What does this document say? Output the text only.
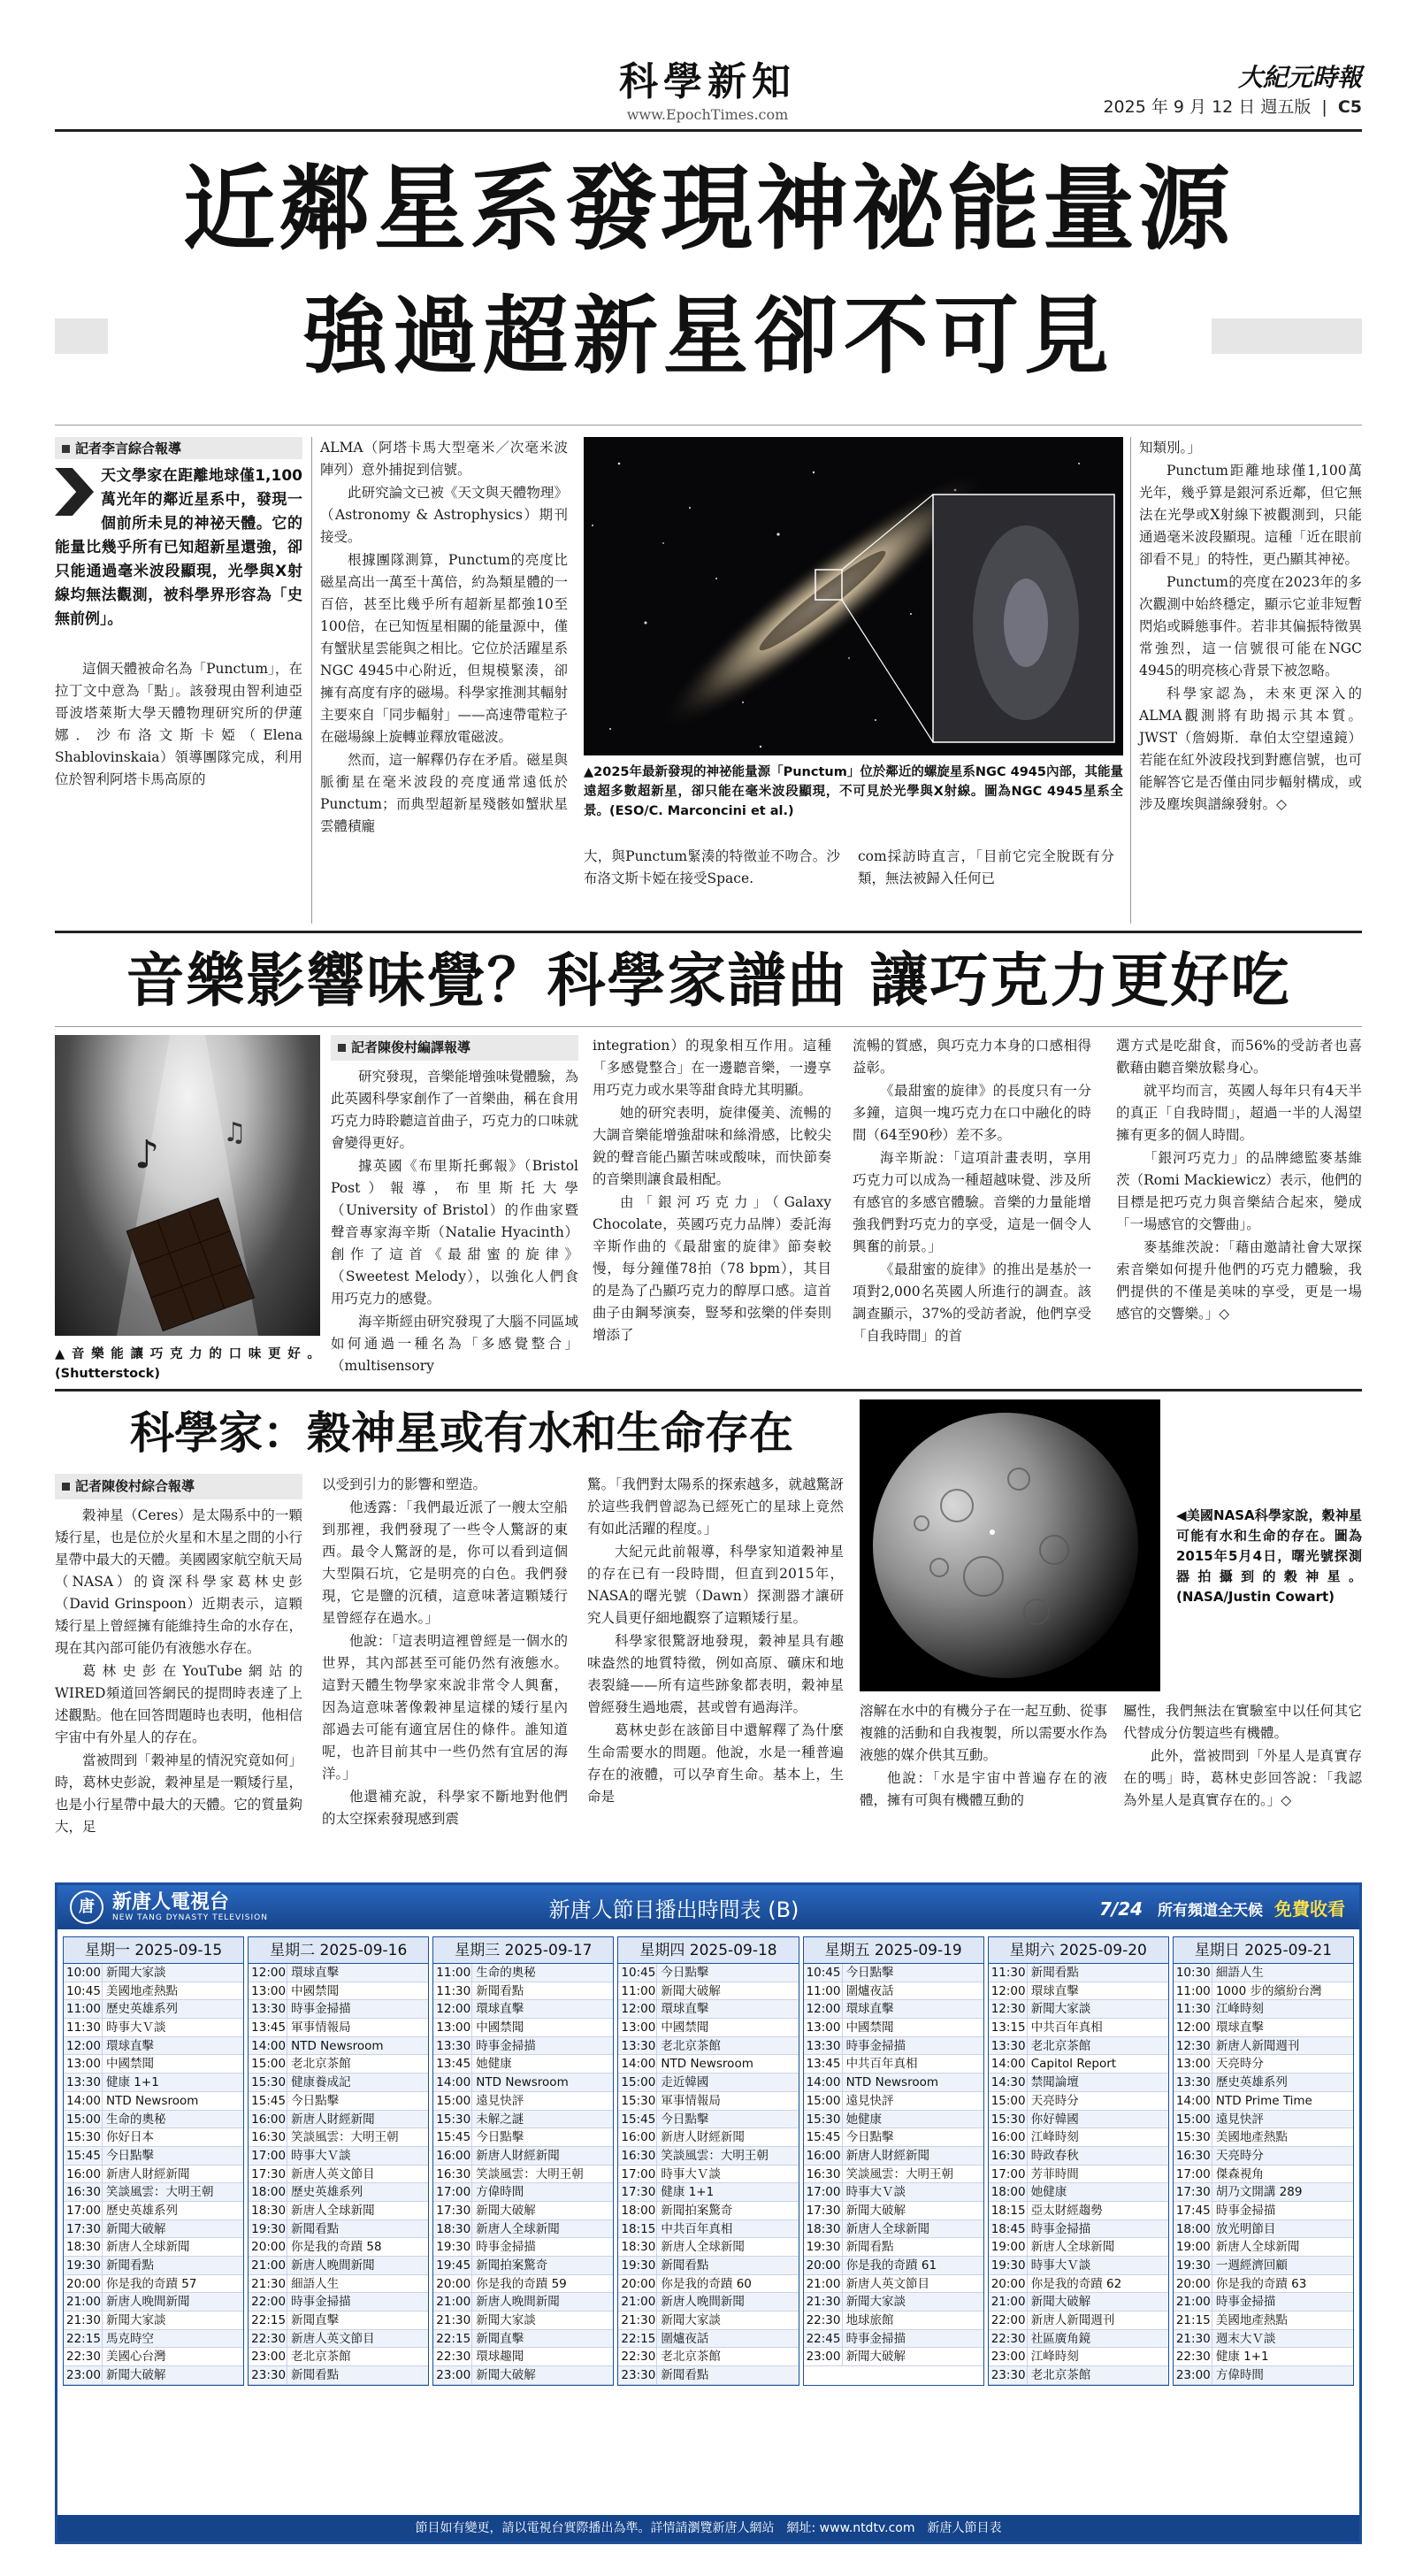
科學新知
www.EpochTimes.com
大紀元時報
2025 年 9 月 12 日 週五版 | C5
近鄰星系發現神祕能量源
強過超新星卻不可見
記者李言綜合報導
天文學家在距離地球僅1,100萬光年的鄰近星系中，發現一個前所未見的神祕天體。它的能量比幾乎所有已知超新星還強，卻只能通過毫米波段顯現，光學與X射線均無法觀測，被科學界形容為「史無前例」。

這個天體被命名為「Punctum」，在拉丁文中意為「點」。該發現由智利迪亞哥波塔萊斯大學天體物理研究所的伊蓮娜．沙布洛文斯卡婭（Elena Shablovinskaia）領導團隊完成，利用位於智利阿塔卡馬高原的

ALMA（阿塔卡馬大型毫米／次毫米波陣列）意外捕捉到信號。

此研究論文已被《天文與天體物理》（Astronomy & Astrophysics）期刊接受。

根據團隊測算，Punctum的亮度比磁星高出一萬至十萬倍，約為類星體的一百倍，甚至比幾乎所有超新星都強10至100倍，在已知恆星相關的能量源中，僅有蟹狀星雲能與之相比。它位於活躍星系NGC 4945中心附近，但規模緊湊，卻擁有高度有序的磁場。科學家推測其輻射主要來自「同步輻射」——高速帶電粒子在磁場線上旋轉並釋放電磁波。

然而，這一解釋仍存在矛盾。磁星與脈衝星在毫米波段的亮度通常遠低於Punctum；而典型超新星殘骸如蟹狀星雲體積龐

▲2025年最新發現的神祕能量源「Punctum」位於鄰近的螺旋星系NGC 4945內部，其能量遠超多數超新星，卻只能在毫米波段顯現，不可見於光學與X射線。圖為NGC 4945星系全景。(ESO/C. Marconcini et al.)

大，與Punctum緊湊的特徵並不吻合。沙布洛文斯卡婭在接受Space.

com採訪時直言，「目前它完全脫既有分類，無法被歸入任何已

知類別。」

Punctum距離地球僅1,100萬光年，幾乎算是銀河系近鄰，但它無法在光學或X射線下被觀測到，只能通過毫米波段顯現。這種「近在眼前卻看不見」的特性，更凸顯其神祕。

Punctum的亮度在2023年的多次觀測中始終穩定，顯示它並非短暫閃焰或瞬態事件。若非其偏振特徵異常強烈，這一信號很可能在NGC 4945的明亮核心背景下被忽略。

科學家認為，未來更深入的ALMA觀測將有助揭示其本質。JWST（詹姆斯．韋伯太空望遠鏡）若能在紅外波段找到對應信號，也可能解答它是否僅由同步輻射構成，或涉及塵埃與譜線發射。◇

音樂影響味覺？科學家譜曲 讓巧克力更好吃
♪ ♫
▲音樂能讓巧克力的口味更好。(Shutterstock)
記者陳俊村編譯報導

研究發現，音樂能增強味覺體驗，為此英國科學家創作了一首樂曲，稱在食用巧克力時聆聽這首曲子，巧克力的口味就會變得更好。

據英國《布里斯托郵報》（Bristol Post）報導，布里斯托大學（University of Bristol）的作曲家暨聲音專家海辛斯（Natalie Hyacinth）創作了這首《最甜蜜的旋律》（Sweetest Melody），以強化人們食用巧克力的感覺。

海辛斯經由研究發現了大腦不同區域如何通過一種名為「多感覺整合」（multisensory

integration）的現象相互作用。這種「多感覺整合」在一邊聽音樂，一邊享用巧克力或水果等甜食時尤其明顯。

她的研究表明，旋律優美、流暢的大調音樂能增強甜味和絲滑感，比較尖銳的聲音能凸顯苦味或酸味，而快節奏的音樂則讓食最相配。

由「銀河巧克力」（Galaxy Chocolate，英國巧克力品牌）委託海辛斯作曲的《最甜蜜的旋律》節奏較慢，每分鐘僅78拍（78 bpm），其目的是為了凸顯巧克力的醇厚口感。這首曲子由鋼琴演奏，豎琴和弦樂的伴奏則增添了

流暢的質感，與巧克力本身的口感相得益彰。

《最甜蜜的旋律》的長度只有一分多鐘，這與一塊巧克力在口中融化的時間（64至90秒）差不多。

海辛斯說：「這項計畫表明，享用巧克力可以成為一種超越味覺、涉及所有感官的多感官體驗。音樂的力量能增強我們對巧克力的享受，這是一個令人興奮的前景。」

《最甜蜜的旋律》的推出是基於一項對2,000名英國人所進行的調查。該調查顯示，37%的受訪者說，他們享受「自我時間」的首

選方式是吃甜食，而56%的受訪者也喜歡藉由聽音樂放鬆身心。

就平均而言，英國人每年只有4天半的真正「自我時間」，超過一半的人渴望擁有更多的個人時間。

「銀河巧克力」的品牌總監麥基維茨（Romi Mackiewicz）表示，他們的目標是把巧克力與音樂結合起來，變成「一場感官的交響曲」。

麥基維茨說：「藉由邀請社會大眾探索音樂如何提升他們的巧克力體驗，我們提供的不僅是美味的享受，更是一場感官的交響樂。」◇

科學家：穀神星或有水和生命存在
◀美國NASA科學家說，穀神星可能有水和生命的存在。圖為2015年5月4日，曙光號探測器拍攝到的穀神星。(NASA/Justin Cowart)
記者陳俊村綜合報導

穀神星（Ceres）是太陽系中的一顆矮行星，也是位於火星和木星之間的小行星帶中最大的天體。美國國家航空航天局（NASA）的資深科學家葛林史彭（David Grinspoon）近期表示，這顆矮行星上曾經擁有能維持生命的水存在，現在其內部可能仍有液態水存在。

葛林史彭在YouTube網站的WIRED頻道回答網民的提問時表達了上述觀點。他在回答問題時也表明，他相信宇宙中有外星人的存在。

當被問到「穀神星的情況究竟如何」時，葛林史彭說，穀神星是一顆矮行星，也是小行星帶中最大的天體。它的質量夠大，足

以受到引力的影響和塑造。

他透露：「我們最近派了一艘太空船到那裡，我們發現了一些令人驚訝的東西。最令人驚訝的是，你可以看到這個大型隕石坑，它是明亮的白色。我們發現，它是鹽的沉積，這意味著這顆矮行星曾經存在過水。」

他說：「這表明這裡曾經是一個水的世界，其內部甚至可能仍然有液態水。這對天體生物學家來說非常令人興奮，因為這意味著像穀神星這樣的矮行星內部過去可能有適宜居住的條件。誰知道呢，也許目前其中一些仍然有宜居的海洋。」

他還補充說，科學家不斷地對他們的太空探索發現感到震

驚。「我們對太陽系的探索越多，就越驚訝於這些我們曾認為已經死亡的星球上竟然有如此活躍的程度。」

大紀元此前報導，科學家知道穀神星的存在已有一段時間，但直到2015年，NASA的曙光號（Dawn）探測器才讓研究人員更仔細地觀察了這顆矮行星。

科學家很驚訝地發現，穀神星具有趣味盎然的地質特徵，例如高原、礦床和地表裂縫——所有這些跡象都表明，穀神星曾經發生過地震，甚或曾有過海洋。

葛林史彭在該節目中還解釋了為什麼生命需要水的問題。他說，水是一種普遍存在的液體，可以孕育生命。基本上，生命是

溶解在水中的有機分子在一起互動、從事複雜的活動和自我複製，所以需要水作為液態的媒介供其互動。

他說：「水是宇宙中普遍存在的液體，擁有可與有機體互動的

屬性，我們無法在實驗室中以任何其它代替成分仿製這些有機體。

此外，當被問到「外星人是真實存在的嗎」時，葛林史彭回答說：「我認為外星人是真實存在的。」◇

唐 新唐人電視台
NEW TANG DYNASTY TELEVISION	新唐人節目播出時間表 (B)	7/24 所有頻道全天候 免費收看
星期一 2025-09-15
10:00 新聞大家談
10:45 美國地產熱點
11:00 歷史英雄系列
11:30 時事大Ｖ談
12:00 環球直擊
13:00 中國禁聞
13:30 健康 1+1
14:00 NTD Newsroom
15:00 生命的奧秘
15:30 你好日本
15:45 今日點擊
16:00 新唐人財經新聞
16:30 笑談風雲：大明王朝
17:00 歷史英雄系列
17:30 新聞大破解
18:30 新唐人全球新聞
19:30 新聞看點
20:00 你是我的奇蹟 57
21:00 新唐人晚間新聞
21:30 新聞大家談
22:15 馬克時空
22:30 美國心台灣
23:00 新聞大破解
星期二 2025-09-16
12:00 環球直擊
13:00 中國禁聞
13:30 時事金掃描
13:45 軍事情報局
14:00 NTD Newsroom
15:00 老北京茶館
15:30 健康養成記
15:45 今日點擊
16:00 新唐人財經新聞
16:30 笑談風雲：大明王朝
17:00 時事大Ｖ談
17:30 新唐人英文節目
18:00 歷史英雄系列
18:30 新唐人全球新聞
19:30 新聞看點
20:00 你是我的奇蹟 58
21:00 新唐人晚間新聞
21:30 細語人生
22:00 時事金掃描
22:15 新聞直擊
22:30 新唐人英文節目
23:00 老北京茶館
23:30 新聞看點
星期三 2025-09-17
11:00 生命的奧秘
11:30 新聞看點
12:00 環球直擊
13:00 中國禁聞
13:30 時事金掃描
13:45 她健康
14:00 NTD Newsroom
15:00 遠見快評
15:30 未解之謎
15:45 今日點擊
16:00 新唐人財經新聞
16:30 笑談風雲：大明王朝
17:00 方偉時間
17:30 新聞大破解
18:30 新唐人全球新聞
19:30 時事金掃描
19:45 新聞拍案驚奇
20:00 你是我的奇蹟 59
21:00 新唐人晚間新聞
21:30 新聞大家談
22:15 新聞直擊
22:30 環球趣聞
23:00 新聞大破解
星期四 2025-09-18
10:45 今日點擊
11:00 新聞大破解
12:00 環球直擊
13:00 中國禁聞
13:30 老北京茶館
14:00 NTD Newsroom
15:00 走近韓國
15:30 軍事情報局
15:45 今日點擊
16:00 新唐人財經新聞
16:30 笑談風雲：大明王朝
17:00 時事大Ｖ談
17:30 健康 1+1
18:00 新聞拍案驚奇
18:15 中共百年真相
18:30 新唐人全球新聞
19:30 新聞看點
20:00 你是我的奇蹟 60
21:00 新唐人晚間新聞
21:30 新聞大家談
22:15 圍爐夜話
22:30 老北京茶館
23:30 新聞看點
星期五 2025-09-19
10:45 今日點擊
11:00 圍爐夜話
12:00 環球直擊
13:00 中國禁聞
13:30 時事金掃描
13:45 中共百年真相
14:00 NTD Newsroom
15:00 遠見快評
15:30 她健康
15:45 今日點擊
16:00 新唐人財經新聞
16:30 笑談風雲：大明王朝
17:00 時事大Ｖ談
17:30 新聞大破解
18:30 新唐人全球新聞
19:30 新聞看點
20:00 你是我的奇蹟 61
21:00 新唐人英文節目
21:30 新聞大家談
22:30 地球旅館
22:45 時事金掃描
23:00 新聞大破解
星期六 2025-09-20
11:30 新聞看點
12:00 環球直擊
12:30 新聞大家談
13:15 中共百年真相
13:30 老北京茶館
14:00 Capitol Report
14:30 禁聞論壇
15:00 天亮時分
15:30 你好韓國
16:00 江峰時刻
16:30 時政春秋
17:00 芳菲時間
18:00 她健康
18:15 亞太財經趨勢
18:45 時事金掃描
19:00 新唐人全球新聞
19:30 時事大Ｖ談
20:00 你是我的奇蹟 62
21:00 新聞大破解
22:00 新唐人新聞週刊
22:30 社區廣角鏡
23:00 江峰時刻
23:30 老北京茶館
星期日 2025-09-21
10:30 細語人生
11:00 1000 步的繽紛台灣
11:30 江峰時刻
12:00 環球直擊
12:30 新唐人新聞週刊
13:00 天亮時分
13:30 歷史英雄系列
14:00 NTD Prime Time
15:00 遠見快評
15:30 美國地產熱點
16:30 天亮時分
17:00 傑森視角
17:30 胡乃文開講 289
17:45 時事金掃描
18:00 放光明節目
19:00 新唐人全球新聞
19:30 一週經濟回顧
20:00 你是我的奇蹟 63
21:00 時事金掃描
21:15 美國地產熱點
21:30 週末大Ｖ談
22:30 健康 1+1
23:00 方偉時間
節目如有變更，請以電視台實際播出為準。詳情請瀏覽新唐人網站　網址: www.ntdtv.com　新唐人節目表
